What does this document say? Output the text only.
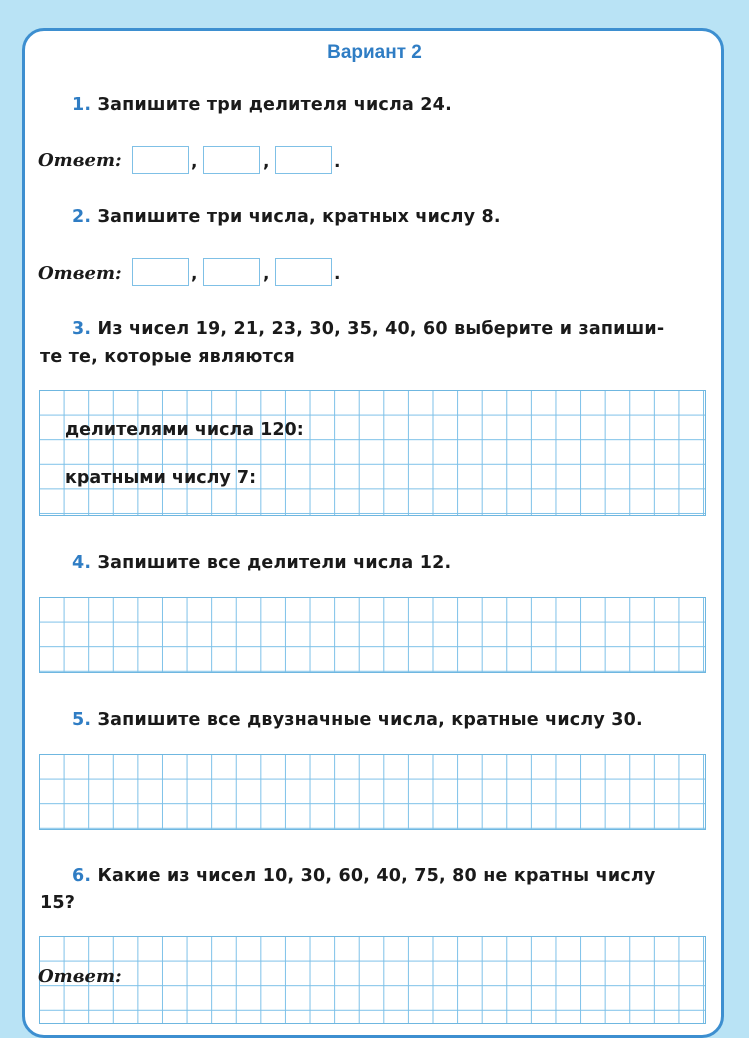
Вариант 2
1. Запишите три делителя числа 24.
Ответ:	,	,	.
2. Запишите три числа, кратных числу 8.
Ответ:	,	,	.
3. Из чисел 19, 21, 23, 30, 35, 40, 60 выберите и запиши-
те те, которые являются
делителями числа 120:
кратными числу 7:
4. Запишите все делители числа 12.
5. Запишите все двузначные числа, кратные числу 30.
6. Какие из чисел 10, 30, 60, 40, 75, 80 не кратны числу
15?
Ответ:
